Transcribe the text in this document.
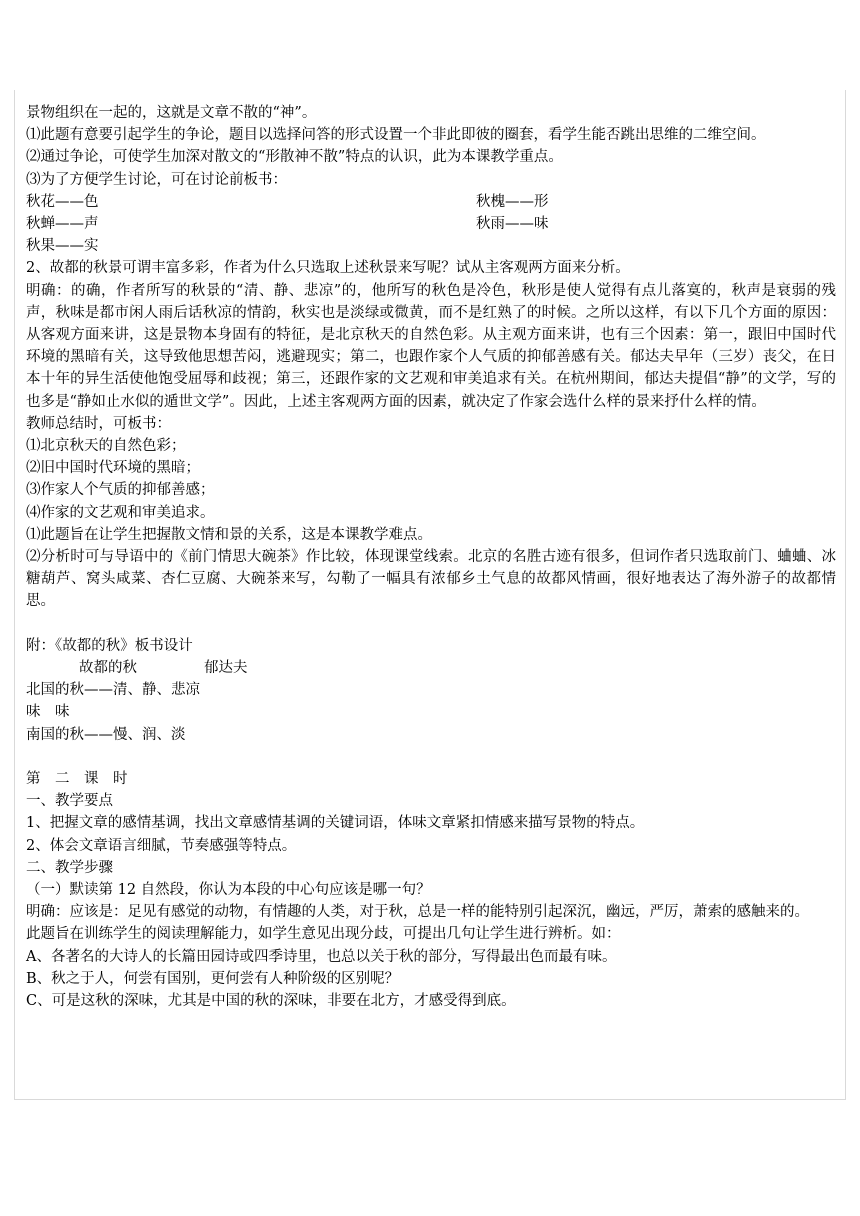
景物组织在一起的，这就是文章不散的“神”。

⑴此题有意要引起学生的争论，题目以选择问答的形式设置一个非此即彼的圈套，看学生能否跳出思维的二维空间。

⑵通过争论，可使学生加深对散文的“形散神不散”特点的认识，此为本课教学重点。

⑶为了方便学生讨论，可在讨论前板书：

秋花——色	秋槐——形
秋蝉——声	秋雨——味

秋果——实

2、故都的秋景可谓丰富多彩，作者为什么只选取上述秋景来写呢？试从主客观两方面来分析。

明确：的确，作者所写的秋景的“清、静、悲凉”的，他所写的秋色是冷色，秋形是使人觉得有点儿落寞的，秋声是衰弱的残声，秋味是都市闲人雨后话秋凉的情韵，秋实也是淡绿或微黄，而不是红熟了的时候。之所以这样，有以下几个方面的原因：从客观方面来讲，这是景物本身固有的特征，是北京秋天的自然色彩。从主观方面来讲，也有三个因素：第一，跟旧中国时代环境的黑暗有关，这导致他思想苦闷，逃避现实；第二，也跟作家个人气质的抑郁善感有关。郁达夫早年（三岁）丧父，在日本十年的异生活使他饱受屈辱和歧视；第三，还跟作家的文艺观和审美追求有关。在杭州期间，郁达夫提倡“静”的文学，写的也多是“静如止水似的遁世文学”。因此，上述主客观两方面的因素，就决定了作家会选什么样的景来抒什么样的情。

教师总结时，可板书：

⑴北京秋天的自然色彩；

⑵旧中国时代环境的黑暗；

⑶作家人个气质的抑郁善感；

⑷作家的文艺观和审美追求。

⑴此题旨在让学生把握散文情和景的关系，这是本课教学难点。

⑵分析时可与导语中的《前门情思大碗茶》作比较，体现课堂线索。北京的名胜古迹有很多，但词作者只选取前门、蛐蛐、冰糖葫芦、窝头咸菜、杏仁豆腐、大碗茶来写，勾勒了一幅具有浓郁乡土气息的故都风情画，很好地表达了海外游子的故都情思。

附：《故都的秋》板书设计

故都的秋	郁达夫

北国的秋——清、静、悲凉

味　味

南国的秋——慢、润、淡

第　二　课　时

一、教学要点

1、把握文章的感情基调，找出文章感情基调的关键词语，体味文章紧扣情感来描写景物的特点。

2、体会文章语言细腻，节奏感强等特点。

二、教学步骤

（一）默读第 12 自然段，你认为本段的中心句应该是哪一句？

明确：应该是：足见有感觉的动物，有情趣的人类，对于秋，总是一样的能特别引起深沉，幽远，严厉，萧索的感触来的。

此题旨在训练学生的阅读理解能力，如学生意见出现分歧，可提出几句让学生进行辨析。如：

A、各著名的大诗人的长篇田园诗或四季诗里，也总以关于秋的部分，写得最出色而最有味。

B、秋之于人，何尝有国别，更何尝有人种阶级的区别呢？

C、可是这秋的深味，尤其是中国的秋的深味，非要在北方，才感受得到底。
